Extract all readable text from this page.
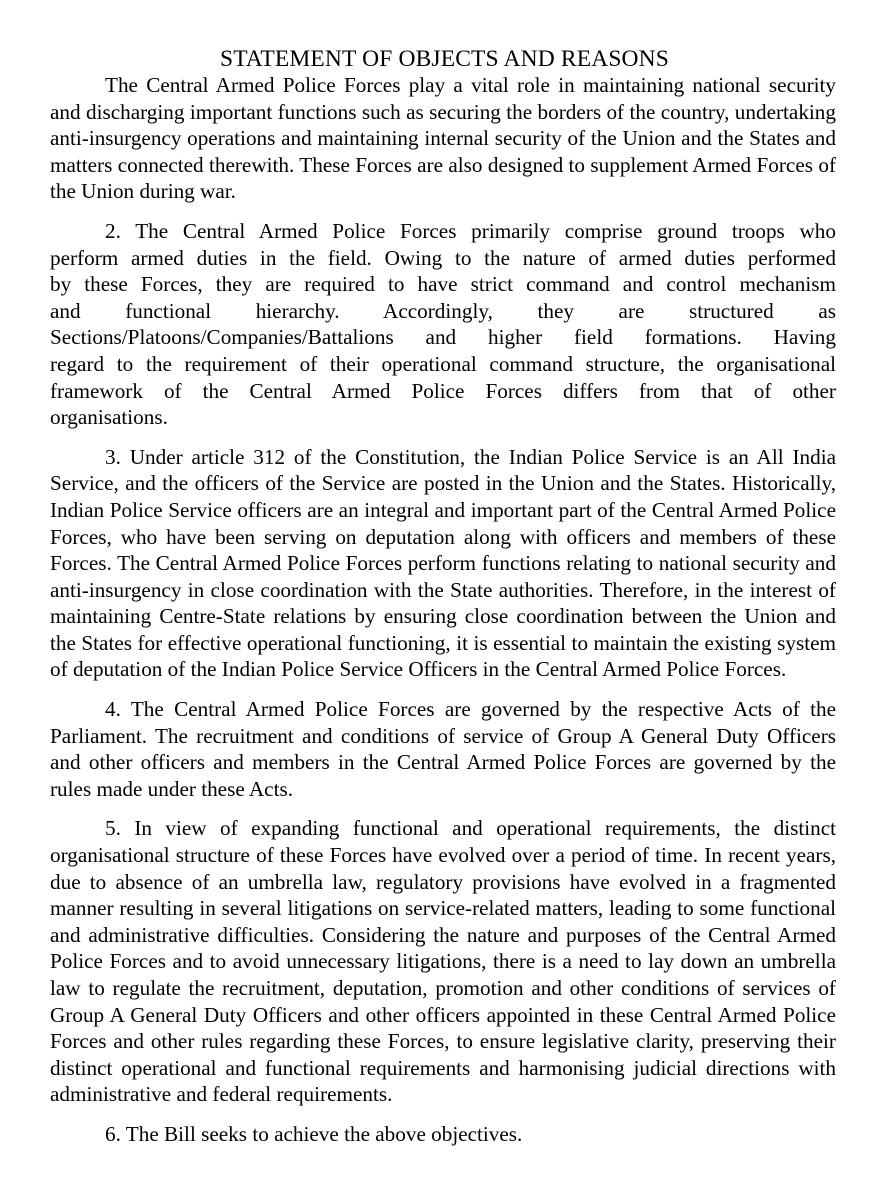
STATEMENT OF OBJECTS AND REASONS

The Central Armed Police Forces play a vital role in maintaining national security and discharging important functions such as securing the borders of the country, undertaking anti-insurgency operations and maintaining internal security of the Union and the States and matters connected therewith. These Forces are also designed to supplement Armed Forces of the Union during war.

2. The Central Armed Police Forces primarily comprise ground troops who
perform armed duties in the field. Owing to the nature of armed duties performed
by these Forces, they are required to have strict command and control mechanism
and functional hierarchy. Accordingly, they are structured as
Sections/Platoons/Companies/Battalions and higher field formations. Having
regard to the requirement of their operational command structure, the organisational
framework of the Central Armed Police Forces differs from that of other
organisations.

3. Under article 312 of the Constitution, the Indian Police Service is an All India Service, and the officers of the Service are posted in the Union and the States. Historically, Indian Police Service officers are an integral and important part of the Central Armed Police Forces, who have been serving on deputation along with officers and members of these Forces. The Central Armed Police Forces perform functions relating to national security and anti-insurgency in close coordination with the State authorities. Therefore, in the interest of maintaining Centre-State relations by ensuring close coordination between the Union and the States for effective operational functioning, it is essential to maintain the existing system of deputation of the Indian Police Service Officers in the Central Armed Police Forces.

4. The Central Armed Police Forces are governed by the respective Acts of the Parliament. The recruitment and conditions of service of Group A General Duty Officers and other officers and members in the Central Armed Police Forces are governed by the rules made under these Acts.

5. In view of expanding functional and operational requirements, the distinct organisational structure of these Forces have evolved over a period of time. In recent years, due to absence of an umbrella law, regulatory provisions have evolved in a fragmented manner resulting in several litigations on service-related matters, leading to some functional and administrative difficulties. Considering the nature and purposes of the Central Armed Police Forces and to avoid unnecessary litigations, there is a need to lay down an umbrella law to regulate the recruitment, deputation, promotion and other conditions of services of Group A General Duty Officers and other officers appointed in these Central Armed Police Forces and other rules regarding these Forces, to ensure legislative clarity, preserving their distinct operational and functional requirements and harmonising judicial directions with administrative and federal requirements.

6. The Bill seeks to achieve the above objectives.
